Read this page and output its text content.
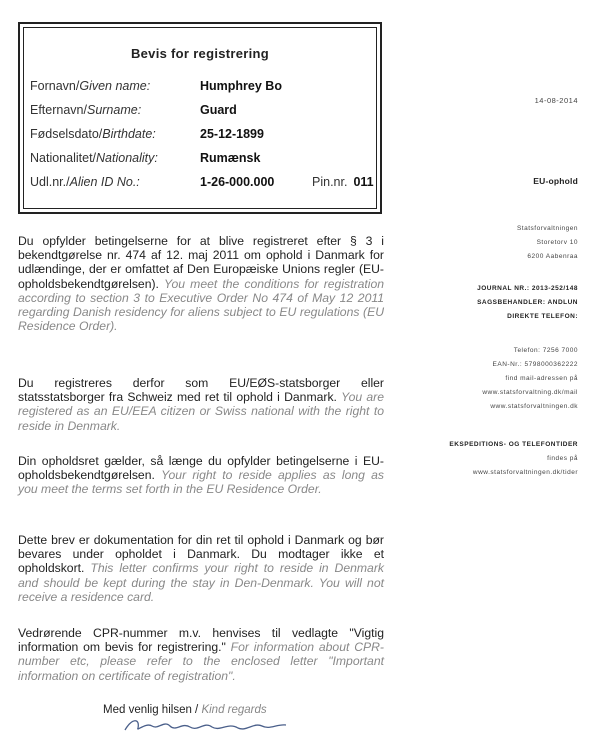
Bevis for registrering
Fornavn/Given name:	Humphrey Bo
Efternavn/Surname:	Guard
Fødselsdato/Birthdate:	25-12-1899
Nationalitet/Nationality:	Rumænsk
Udl.nr./Alien ID No.:	1-26-000.000	Pin.nr. 011
14-08-2014
EU-ophold
Statsforvaltningen
Storetorv 10
6200 Aabenraa
JOURNAL NR.: 2013-252/148
SAGSBEHANDLER: ANDLUN
DIREKTE TELEFON:
Telefon: 7256 7000
EAN-Nr.: 5798000362222
find mail-adressen på
www.statsforvaltning.dk/mail
www.statsforvaltningen.dk
EKSPEDITIONS- OG TELEFONTIDER
findes på
www.statsforvaltningen.dk/tider
Du opfylder betingelserne for at blive registreret efter § 3 i bekendtgørelse nr. 474 af 12. maj 2011 om ophold i Danmark for udlændinge, der er omfattet af Den Europæiske Unions regler (EU-opholdsbekendtgørelsen). You meet the conditions for registration according to section 3 to Executive Order No 474 of May 12 2011 regarding Danish residency for aliens subject to EU regulations (EU Residence Order).
Du registreres derfor som EU/EØS-statsborger eller statsstatsborger fra Schweiz med ret til ophold i Danmark. You are registered as an EU/EEA citizen or Swiss national with the right to reside in Denmark.
Din opholdsret gælder, så længe du opfylder betingelserne i EU-opholdsbekendtgørelsen. Your right to reside applies as long as you meet the terms set forth in the EU Residence Order.
Dette brev er dokumentation for din ret til ophold i Danmark og bør bevares under opholdet i Danmark. Du modtager ikke et opholdskort. This letter confirms your right to reside in Denmark and should be kept during the stay in Den-Denmark. You will not receive a residence card.
Vedrørende CPR-nummer m.v. henvises til vedlagte "Vigtig information om bevis for registrering." For information about CPR-number etc, please refer to the enclosed letter "Important information on certificate of registration".
Med venlig hilsen / Kind regards
